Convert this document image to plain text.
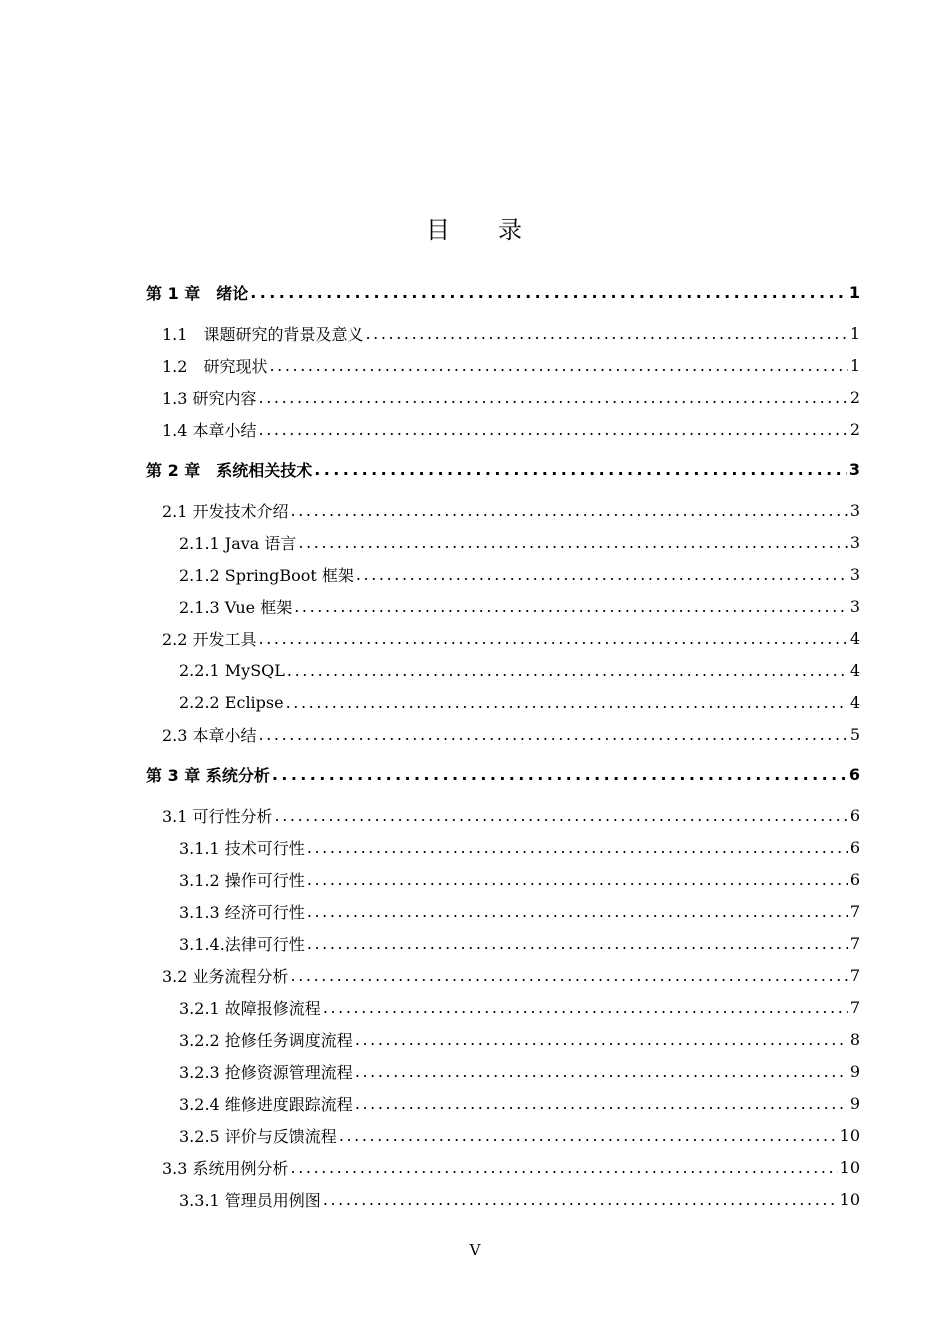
目 录
第 1 章　绪论 .....	1
1.1　课题研究的背景及意义 .....	1
1.2　研究现状 .....	1
1.3 研究内容 .....	2
1.4 本章小结 .....	2
第 2 章　系统相关技术 .....	3
2.1 开发技术介绍 .....	3
2.1.1 Java 语言 .....	3
2.1.2 SpringBoot 框架 .....	3
2.1.3 Vue 框架 .....	3
2.2 开发工具 .....	4
2.2.1 MySQL .....	4
2.2.2 Eclipse .....	4
2.3 本章小结 .....	5
第 3 章 系统分析 .....	6
3.1 可行性分析 .....	6
3.1.1 技术可行性 .....	6
3.1.2 操作可行性 .....	6
3.1.3 经济可行性 .....	7
3.1.4.法律可行性 .....	7
3.2 业务流程分析 .....	7
3.2.1 故障报修流程 .....	7
3.2.2 抢修任务调度流程 .....	8
3.2.3 抢修资源管理流程 .....	9
3.2.4 维修进度跟踪流程 .....	9
3.2.5 评价与反馈流程 .....	10
3.3 系统用例分析 .....	10
3.3.1 管理员用例图 .....	10
V
